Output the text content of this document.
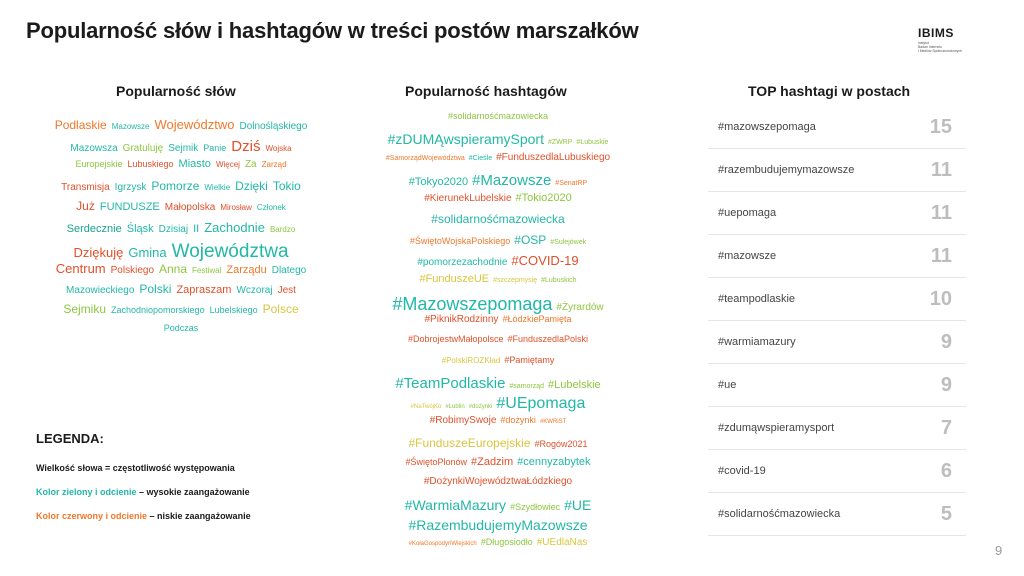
Popularność słów i hashtagów w treści postów marszałków	IBIMS
Instytut
Badań Internetu
i Mediów Społecznościowych
Popularność słów	Popularność hashtagów	TOP hashtagi w postach
Podlaskie Mazowsze Województwo Dolnośląskiego
Mazowsza Gratuluję Sejmik Panie Dziś Wojska
Europejskie Lubuskiego Miasto Więcej Za Zarząd
Transmisja Igrzysk Pomorze Wielkie Dzięki Tokio
Już FUNDUSZE Małopolska Mirosław Członek
Serdecznie Śląsk Dzisiaj II Zachodnie Bardzo
Dziękuję Gmina Województwa
Centrum Polskiego Anna Festiwal Zarządu Dlatego
Mazowieckiego Polski Zapraszam Wczoraj Jest
Sejmiku Zachodniopomorskiego Lubelskiego Polsce
Podczas
#solidarnośćmazowiecka
#zDUMĄwspieramySport #ZWRP #Lubuskie
#SamorządWojewództwa #Cieśle #FunduszedlaLubuskiego
#Tokyo2020 #Mazowsze #SenatRP
#KierunekLubelskie #Tokio2020
#solidarnośćmazowiecka
#ŚwiętoWojskaPolskiego #OSP #Sulejówek
#pomorzezachodnie #COVID-19
#FunduszeUE #szczepmysię #Lubuskich
#Mazowszepomaga #Żyrardów
#PiknikRodzinny #ŁódzkiePamięta
#DobrojestwMałopolsce #FunduszedlaPolski
#PolskiROZKład #Pamiętamy
#TeamPodlaskie #samorząd #Lubelskie
#NaTwójKo #Lublin #dożynki #UEpomaga
#RobimySwoje #dożynki #KWRiST
#FunduszeEuropejskie #Rogów2021
#ŚwiętoPlonów #Zadzim #cennyzabytek
#DożynkiWojewództwaŁódzkiego
#WarmiaMazury #Szydłowiec #UE
#RazembudujemyMazowsze
#KołaGospodyńWiejskich #Długosiodło #UEdlaNas
LEGENDA:
Wielkość słowa = częstotliwość występowania
Kolor zielony i odcienie – wysokie zaangażowanie
Kolor czerwony i odcienie – niskie zaangażowanie
#mazowszepomaga	15
#razembudujemymazowsze	11
#uepomaga	11
#mazowsze	11
#teampodlaskie	10
#warmiamazury	9
#ue	9
#zdumąwspieramysport	7
#covid-19	6
#solidarnośćmazowiecka	5
9
